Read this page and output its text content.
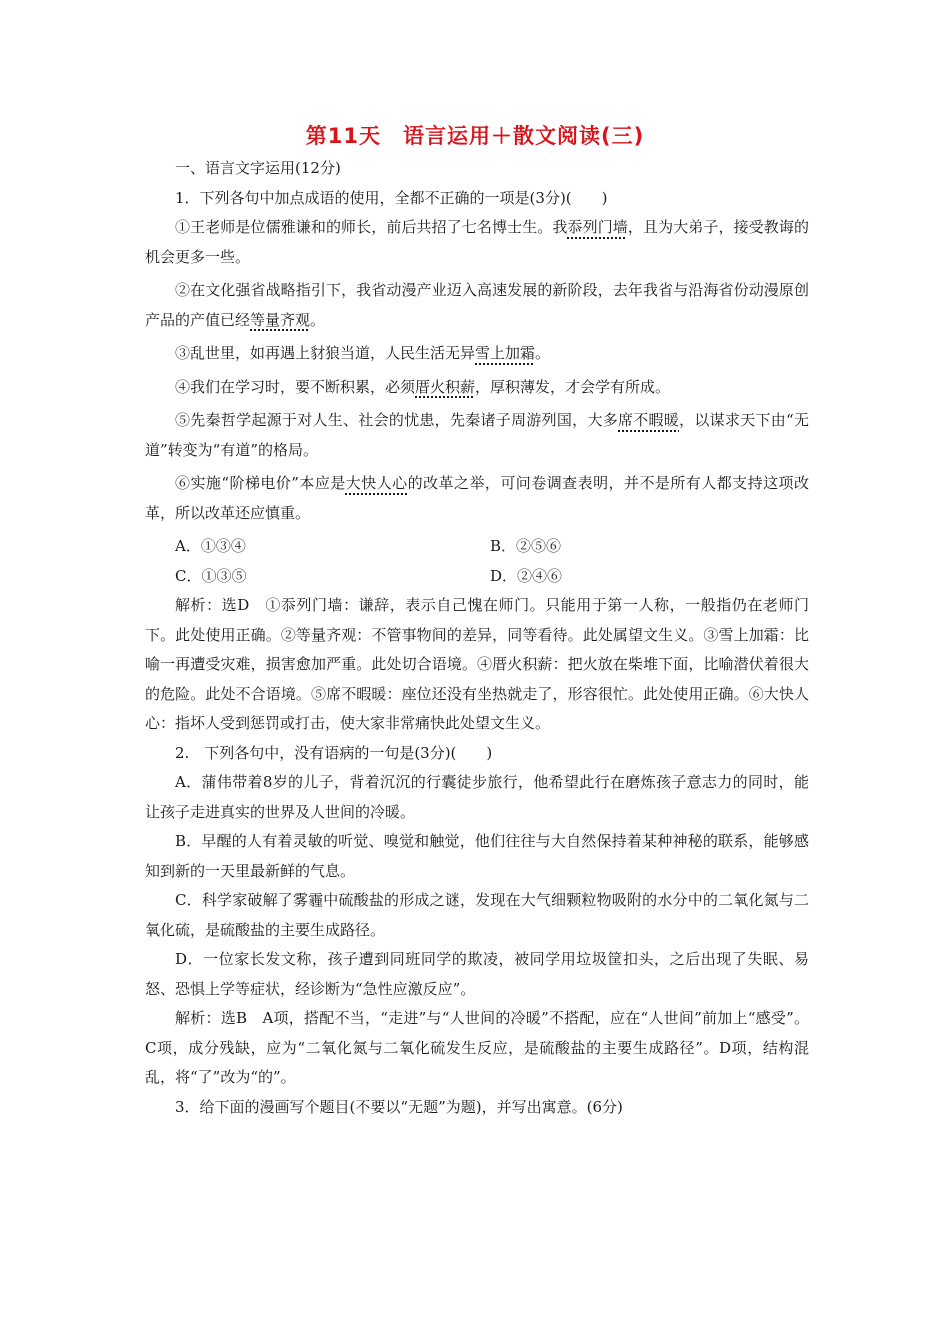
第11天　语言运用＋散文阅读(三)

一、语言文字运用(12分)

1．下列各句中加点成语的使用，全都不正确的一项是(3分)(　　)

①王老师是位儒雅谦和的师长，前后共招了七名博士生。我忝列门墙，且为大弟子，接受教诲的机会更多一些。

②在文化强省战略指引下，我省动漫产业迈入高速发展的新阶段，去年我省与沿海省份动漫原创产品的产值已经等量齐观。

③乱世里，如再遇上豺狼当道，人民生活无异雪上加霜。

④我们在学习时，要不断积累，必须厝火积薪，厚积薄发，才会学有所成。

⑤先秦哲学起源于对人生、社会的忧患，先秦诸子周游列国，大多席不暇暖，以谋求天下由“无道”转变为“有道”的格局。

⑥实施“阶梯电价”本应是大快人心的改革之举，可问卷调查表明，并不是所有人都支持这项改革，所以改革还应慎重。

A．①③④	B．②⑤⑥
C．①③⑤	D．②④⑥

解析：选D　①忝列门墙：谦辞，表示自己愧在师门。只能用于第一人称，一般指仍在老师门下。此处使用正确。②等量齐观：不管事物间的差异，同等看待。此处属望文生义。③雪上加霜：比喻一再遭受灾难，损害愈加严重。此处切合语境。④厝火积薪：把火放在柴堆下面，比喻潜伏着很大的危险。此处不合语境。⑤席不暇暖：座位还没有坐热就走了，形容很忙。此处使用正确。⑥大快人心：指坏人受到惩罚或打击，使大家非常痛快此处望文生义。

2.　下列各句中，没有语病的一句是(3分)(　　)

A．蒲伟带着8岁的儿子，背着沉沉的行囊徒步旅行，他希望此行在磨炼孩子意志力的同时，能让孩子走进真实的世界及人世间的冷暖。

B．早醒的人有着灵敏的听觉、嗅觉和触觉，他们往往与大自然保持着某种神秘的联系，能够感知到新的一天里最新鲜的气息。

C．科学家破解了雾霾中硫酸盐的形成之谜，发现在大气细颗粒物吸附的水分中的二氧化氮与二氧化硫，是硫酸盐的主要生成路径。

D．一位家长发文称，孩子遭到同班同学的欺凌，被同学用垃圾筐扣头，之后出现了失眠、易怒、恐惧上学等症状，经诊断为“急性应激反应”。

解析：选B　A项，搭配不当，“走进”与“人世间的冷暖”不搭配，应在“人世间”前加上“感受”。C项，成分残缺，应为“二氧化氮与二氧化硫发生反应，是硫酸盐的主要生成路径”。D项，结构混乱，将“了”改为“的”。

3．给下面的漫画写个题目(不要以“无题”为题)，并写出寓意。(6分)
